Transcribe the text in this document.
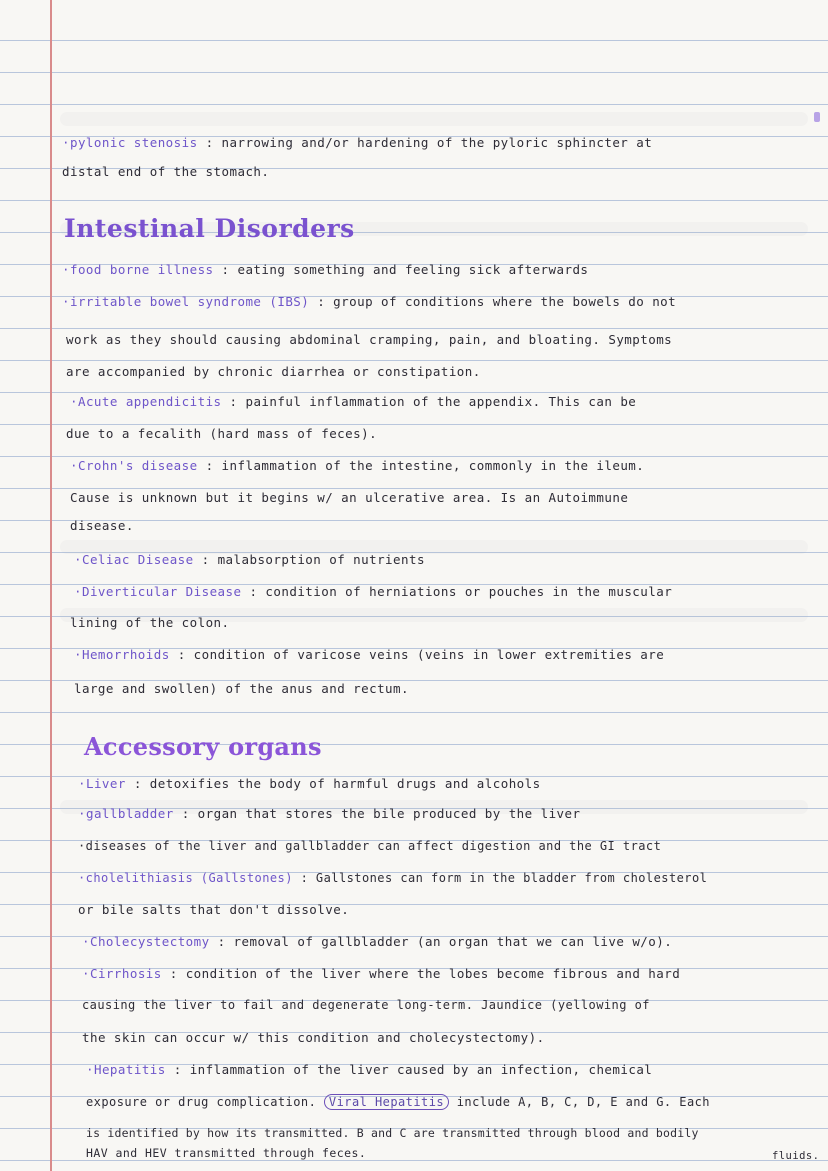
·pylonic stenosis : narrowing and/or hardening of the pyloric sphincter at
distal end of the stomach.
Intestinal Disorders
·food borne illness : eating something and feeling sick afterwards
·irritable bowel syndrome (IBS) : group of conditions where the bowels do not
work as they should causing abdominal cramping, pain, and bloating. Symptoms
are accompanied by chronic diarrhea or constipation.
·Acute appendicitis : painful inflammation of the appendix. This can be
due to a fecalith (hard mass of feces).
·Crohn's disease : inflammation of the intestine, commonly in the ileum.
Cause is unknown but it begins w/ an ulcerative area. Is an Autoimmune
disease.
·Celiac Disease : malabsorption of nutrients
·Diverticular Disease : condition of herniations or pouches in the muscular
lining of the colon.
·Hemorrhoids : condition of varicose veins (veins in lower extremities are
large and swollen) of the anus and rectum.
Accessory organs
·Liver : detoxifies the body of harmful drugs and alcohols
·gallbladder : organ that stores the bile produced by the liver
·diseases of the liver and gallbladder can affect digestion and the GI tract
·cholelithiasis (Gallstones) : Gallstones can form in the bladder from cholesterol
or bile salts that don't dissolve.
·Cholecystectomy : removal of gallbladder (an organ that we can live w/o).
·Cirrhosis : condition of the liver where the lobes become fibrous and hard
causing the liver to fail and degenerate long-term. Jaundice (yellowing of
the skin can occur w/ this condition and cholecystectomy).
·Hepatitis : inflammation of the liver caused by an infection, chemical
exposure or drug complication. Viral Hepatitis include A, B, C, D, E and G. Each
is identified by how its transmitted. B and C are transmitted through blood and bodily
HAV and HEV transmitted through feces.	fluids.
